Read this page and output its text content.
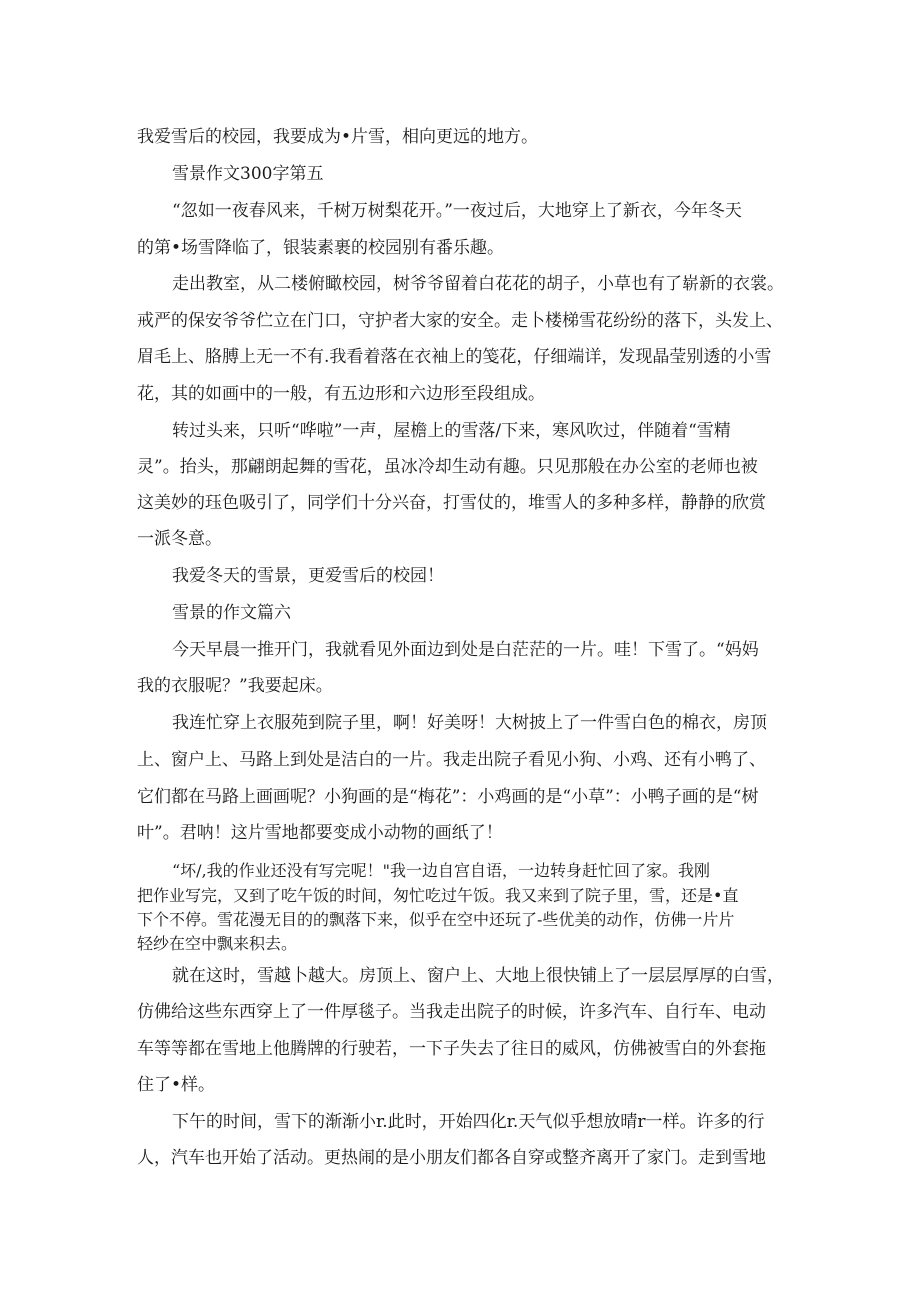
我爱雪后的校园，我要成为•片雪，相向更远的地方。

雪景作文300字第五

“忽如一夜春风来，千树万树梨花开。”一夜过后，大地穿上了新衣，今年冬天

的第•场雪降临了，银装素裹的校园别有番乐趣。

走出教室，从二楼俯瞰校园，树爷爷留着白花花的胡子，小草也有了崭新的衣裳。

戒严的保安爷爷伫立在门口，守护者大家的安全。走卜楼梯雪花纷纷的落下，头发上、

眉毛上、胳膊上无一不有.我看着落在衣袖上的笺花，仔细端详，发现晶莹别透的小雪

花，其的如画中的一般，有五边形和六边形至段组成。

转过头来，只听“哗啦”一声，屋檐上的雪落/下来，寒风吹过，伴随着“雪精

灵”。抬头，那翩朗起舞的雪花，虽冰冷却生动有趣。只见那般在办公室的老师也被

这美妙的珏色吸引了，同学们十分兴奋，打雪仗的，堆雪人的多种多样，静静的欣赏

一派冬意。

我爱冬天的雪景，更爱雪后的校园！

雪景的作文篇六

今天早晨一推开门，我就看见外面边到处是白茫茫的一片。哇！下雪了。“妈妈

我的衣服呢？”我要起床。

我连忙穿上衣服苑到院子里，啊！好美呀！大树披上了一件雪白色的棉衣，房顶

上、窗户上、马路上到处是洁白的一片。我走出院子看见小狗、小鸡、还有小鸭了、

它们都在马路上画画呢？小狗画的是“梅花”：小鸡画的是“小草”：小鸭子画的是“树

叶”。君呐！这片雪地都要变成小动物的画纸了！

“坏/,我的作业还没有写完呢！"我一边自宫自语，一边转身赶忙回了家。我刚

把作业写完，又到了吃午饭的时间，匆忙吃过午饭。我又来到了院子里，雪，还是•直

下个不停。雪花漫无目的的飘落下来，似乎在空中还玩了-些优美的动作，仿佛一片片

轻纱在空中飘来积去。

就在这时，雪越卜越大。房顶上、窗户上、大地上很快铺上了一层层厚厚的白雪，

仿佛给这些东西穿上了一件厚毯子。当我走出院子的时候，许多汽车、自行车、电动

车等等都在雪地上他腾牌的行驶若，一下子失去了往日的威风，仿佛被雪白的外套拖

住了•样。

下午的时间，雪下的渐渐小r.此时，开始四化r.天气似乎想放晴r一样。许多的行

人，汽车也开始了活动。更热闹的是小朋友们都各自穿或整齐离开了家门。走到雪地
